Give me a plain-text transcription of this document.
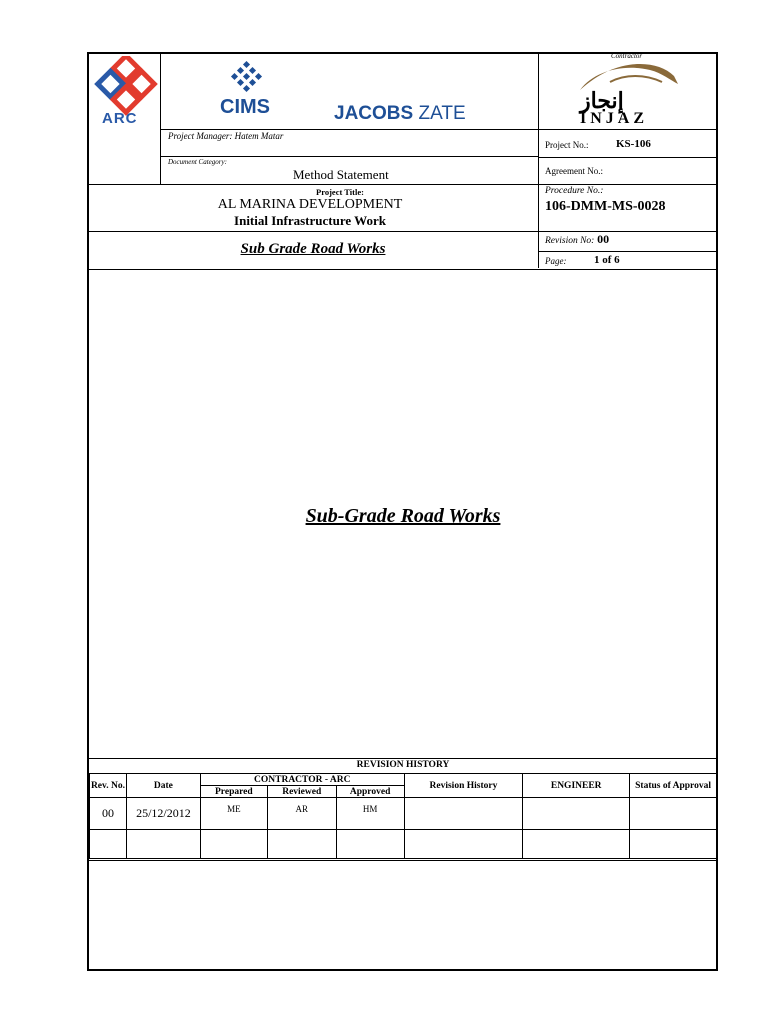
ARC
CIMS	JACOBS ZATE
Contractor
إنجاز
INJAZ
Project Manager: Hatem Matar
Document Category:
Method Statement
Project No.:	KS-106
Agreement No.:
Project Title:
AL MARINA DEVELOPMENT
Initial Infrastructure Work
Procedure No.:
106-DMM-MS-0028
Sub Grade Road Works	Revision No: 00
Page:	1 of 6
Sub-Grade Road Works
REVISION HISTORY
Rev. No.	Date	CONTRACTOR - ARC			Revision History	ENGINEER	Status of Approval
		Prepared	Reviewed	Approved			
00	25/12/2012	ME	AR	HM			
